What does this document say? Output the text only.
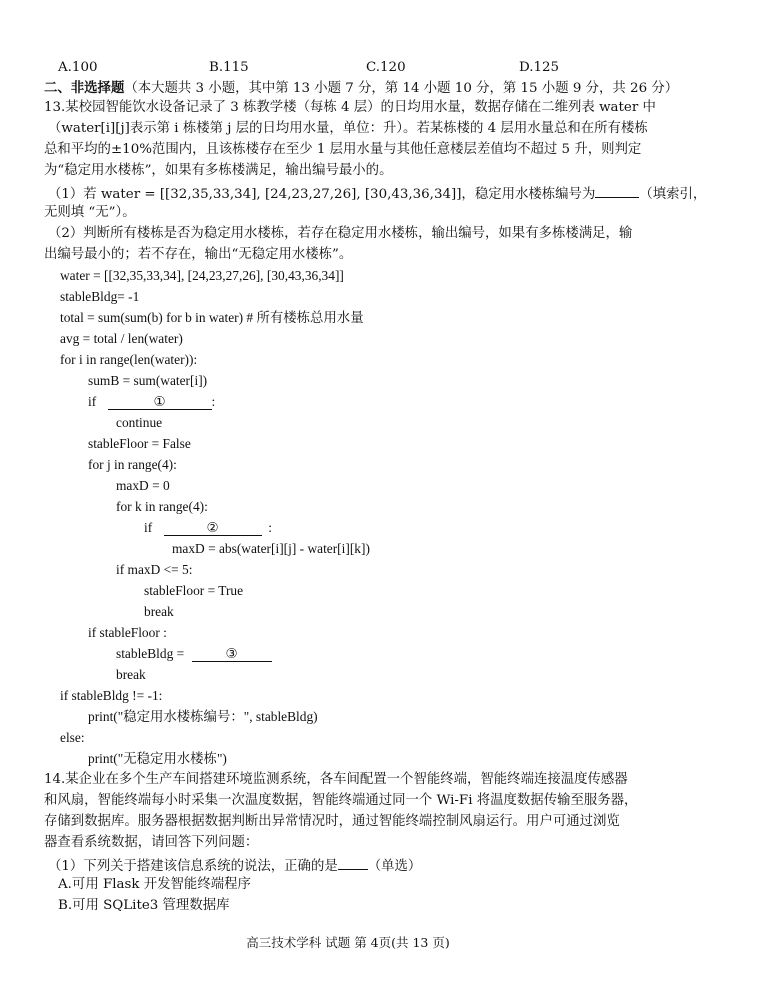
A.100	B.115	C.120	D.125
二、非选择题（本大题共 3 小题，其中第 13 小题 7 分，第 14 小题 10 分，第 15 小题 9 分，共 26 分）
13.某校园智能饮水设备记录了 3 栋教学楼（每栋 4 层）的日均用水量，数据存储在二维列表 water 中
（water[i][j]表示第 i 栋楼第 j 层的日均用水量，单位：升）。若某栋楼的 4 层用水量总和在所有楼栋
总和平均的±10%范围内，且该栋楼存在至少 1 层用水量与其他任意楼层差值均不超过 5 升，则判定
为“稳定用水楼栋”，如果有多栋楼满足，输出编号最小的。
（1）若 water = [[32,35,33,34], [24,23,27,26], [30,43,36,34]]，稳定用水楼栋编号为	（填索引，
无则填 “无”）。
（2）判断所有楼栋是否为稳定用水楼栋，若存在稳定用水楼栋，输出编号，如果有多栋楼满足，输
出编号最小的；若不存在，输出“无稳定用水楼栋”。
water = [[32,35,33,34], [24,23,27,26], [30,43,36,34]]
stableBldg= -1
total = sum(sum(b) for b in water) # 所有楼栋总用水量
avg = total / len(water)
for i in range(len(water)):
sumB = sum(water[i])
if	①	:
continue
stableFloor = False
for j in range(4):
maxD = 0
for k in range(4):
if	②	:
maxD = abs(water[i][j] - water[i][k])
if maxD <= 5:
stableFloor = True
break
if stableFloor :
stableBldg =	③
break
if stableBldg != -1:
print("稳定用水楼栋编号：", stableBldg)
else:
print("无稳定用水楼栋")
14.某企业在多个生产车间搭建环境监测系统，各车间配置一个智能终端，智能终端连接温度传感器
和风扇，智能终端每小时采集一次温度数据，智能终端通过同一个 Wi-Fi 将温度数据传输至服务器，
存储到数据库。服务器根据数据判断出异常情况时，通过智能终端控制风扇运行。用户可通过浏览
器查看系统数据，请回答下列问题：
（1）下列关于搭建该信息系统的说法，正确的是 （单选）
A.可用 Flask 开发智能终端程序
B.可用 SQLite3 管理数据库
高三技术学科 试题 第 4页(共 13 页)
